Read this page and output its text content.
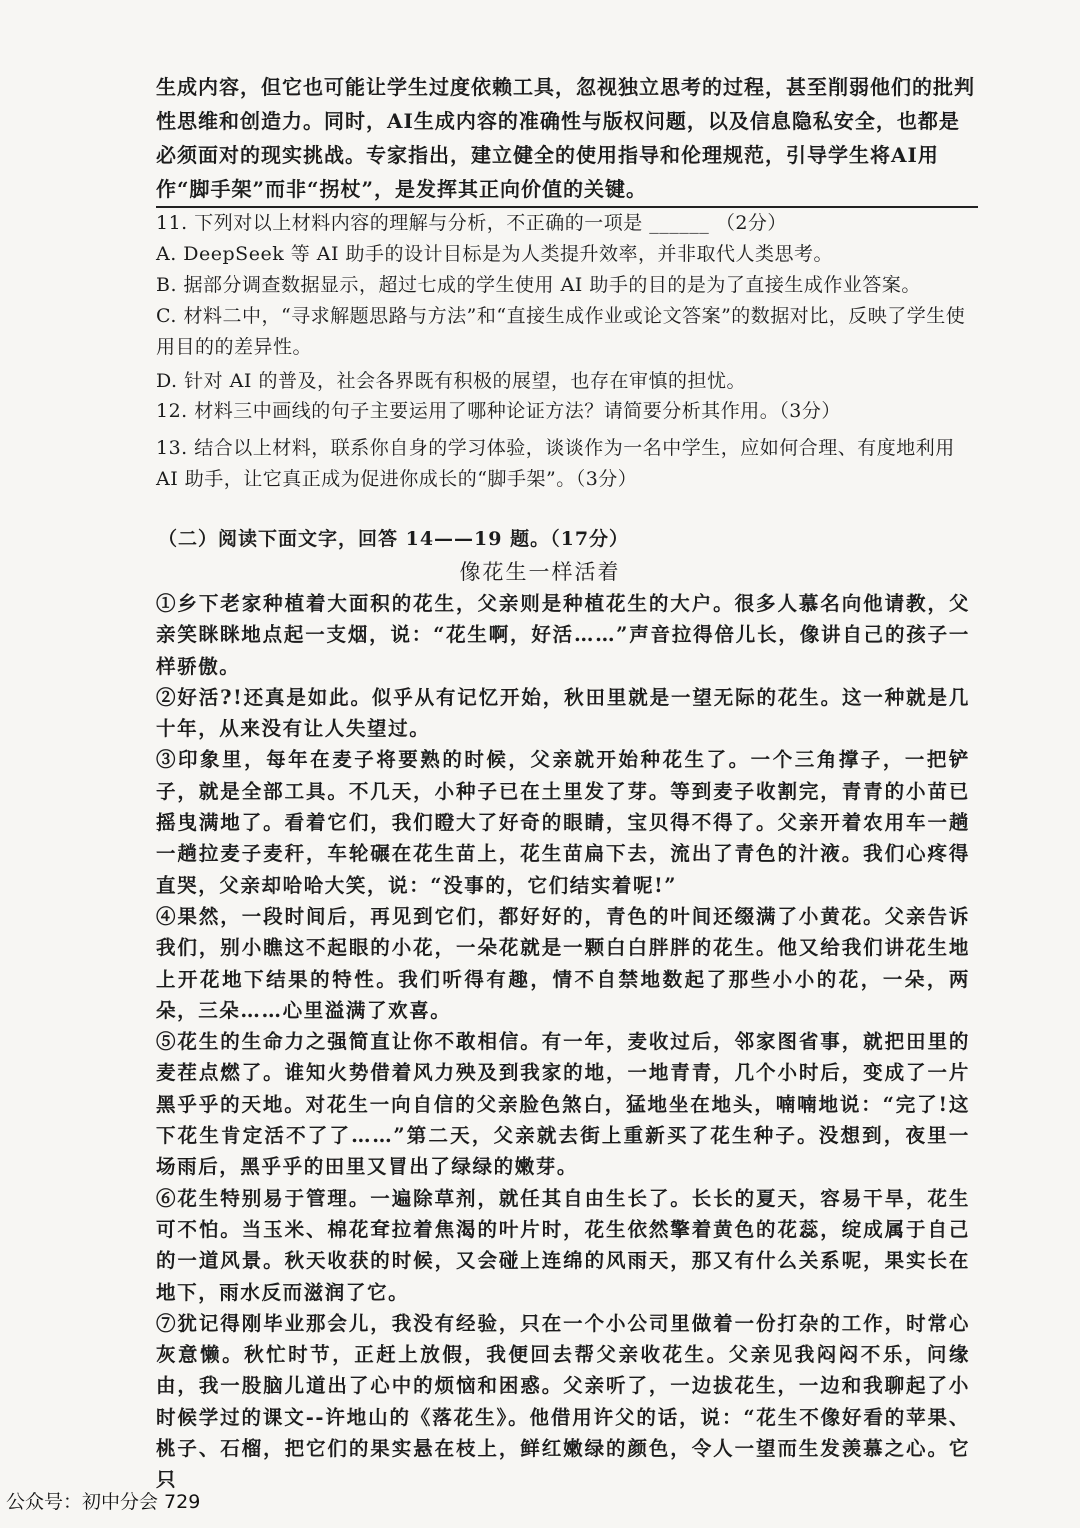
生成内容，但它也可能让学生过度依赖工具，忽视独立思考的过程，甚至削弱他们的批判性思维和创造力。同时，AI生成内容的准确性与版权问题，以及信息隐私安全，也都是必须面对的现实挑战。专家指出，建立健全的使用指导和伦理规范，引导学生将AI用作“脚手架”而非“拐杖”，是发挥其正向价值的关键。

11. 下列对以上材料内容的理解与分析，不正确的一项是 ______ （2分）

A. DeepSeek 等 AI 助手的设计目标是为人类提升效率，并非取代人类思考。

B. 据部分调查数据显示，超过七成的学生使用 AI 助手的目的是为了直接生成作业答案。

C. 材料二中，“寻求解题思路与方法”和“直接生成作业或论文答案”的数据对比，反映了学生使用目的的差异性。

D. 针对 AI 的普及，社会各界既有积极的展望，也存在审慎的担忧。

12. 材料三中画线的句子主要运用了哪种论证方法？请简要分析其作用。（3分）

13. 结合以上材料，联系你自身的学习体验，谈谈作为一名中学生，应如何合理、有度地利用 AI 助手，让它真正成为促进你成长的“脚手架”。（3分）

（二）阅读下面文字，回答 14——19 题。（17分）
像花生一样活着

①乡下老家种植着大面积的花生，父亲则是种植花生的大户。很多人慕名向他请教，父亲笑眯眯地点起一支烟，说：“花生啊，好活……”声音拉得倍儿长，像讲自己的孩子一样骄傲。

②好活?!还真是如此。似乎从有记忆开始，秋田里就是一望无际的花生。这一种就是几十年，从来没有让人失望过。

③印象里，每年在麦子将要熟的时候，父亲就开始种花生了。一个三角撑子，一把铲子，就是全部工具。不几天，小种子已在土里发了芽。等到麦子收割完，青青的小苗已摇曳满地了。看着它们，我们瞪大了好奇的眼睛，宝贝得不得了。父亲开着农用车一趟一趟拉麦子麦秆，车轮碾在花生苗上，花生苗扁下去，流出了青色的汁液。我们心疼得直哭，父亲却哈哈大笑，说：“没事的，它们结实着呢!”

④果然，一段时间后，再见到它们，都好好的，青色的叶间还缀满了小黄花。父亲告诉我们，别小瞧这不起眼的小花，一朵花就是一颗白白胖胖的花生。他又给我们讲花生地上开花地下结果的特性。我们听得有趣，情不自禁地数起了那些小小的花，一朵，两朵，三朵……心里溢满了欢喜。

⑤花生的生命力之强简直让你不敢相信。有一年，麦收过后，邻家图省事，就把田里的麦茬点燃了。谁知火势借着风力殃及到我家的地，一地青青，几个小时后，变成了一片黑乎乎的天地。对花生一向自信的父亲脸色煞白，猛地坐在地头，喃喃地说：“完了!这下花生肯定活不了了……”第二天，父亲就去街上重新买了花生种子。没想到，夜里一场雨后，黑乎乎的田里又冒出了绿绿的嫩芽。

⑥花生特别易于管理。一遍除草剂，就任其自由生长了。长长的夏天，容易干旱，花生可不怕。当玉米、棉花耷拉着焦渴的叶片时，花生依然擎着黄色的花蕊，绽成属于自己的一道风景。秋天收获的时候，又会碰上连绵的风雨天，那又有什么关系呢，果实长在地下，雨水反而滋润了它。

⑦犹记得刚毕业那会儿，我没有经验，只在一个小公司里做着一份打杂的工作，时常心灰意懒。秋忙时节，正赶上放假，我便回去帮父亲收花生。父亲见我闷闷不乐，问缘由，我一股脑儿道出了心中的烦恼和困惑。父亲听了，一边拔花生，一边和我聊起了小时候学过的课文--许地山的《落花生》。他借用许父的话，说：“花生不像好看的苹果、桃子、石榴，把它们的果实悬在枝上，鲜红嫩绿的颜色，令人一望而生发羡慕之心。它只

公众号：初中分会 729
